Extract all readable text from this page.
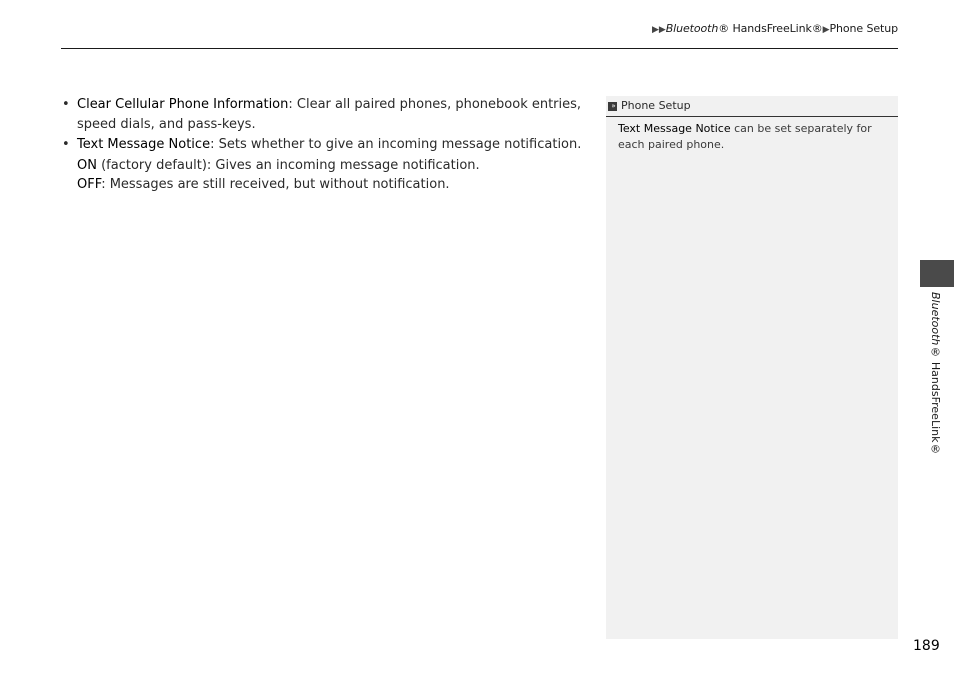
▶▶Bluetooth® HandsFreeLink®▶Phone Setup
• Clear Cellular Phone Information: Clear all paired phones, phonebook entries, speed dials, and pass-keys.
• Text Message Notice: Sets whether to give an incoming message notification.
ON (factory default): Gives an incoming message notification.
OFF: Messages are still received, but without notification.
» Phone Setup
Text Message Notice can be set separately for each paired phone.
Bluetooth® HandsFreeLink®
189
